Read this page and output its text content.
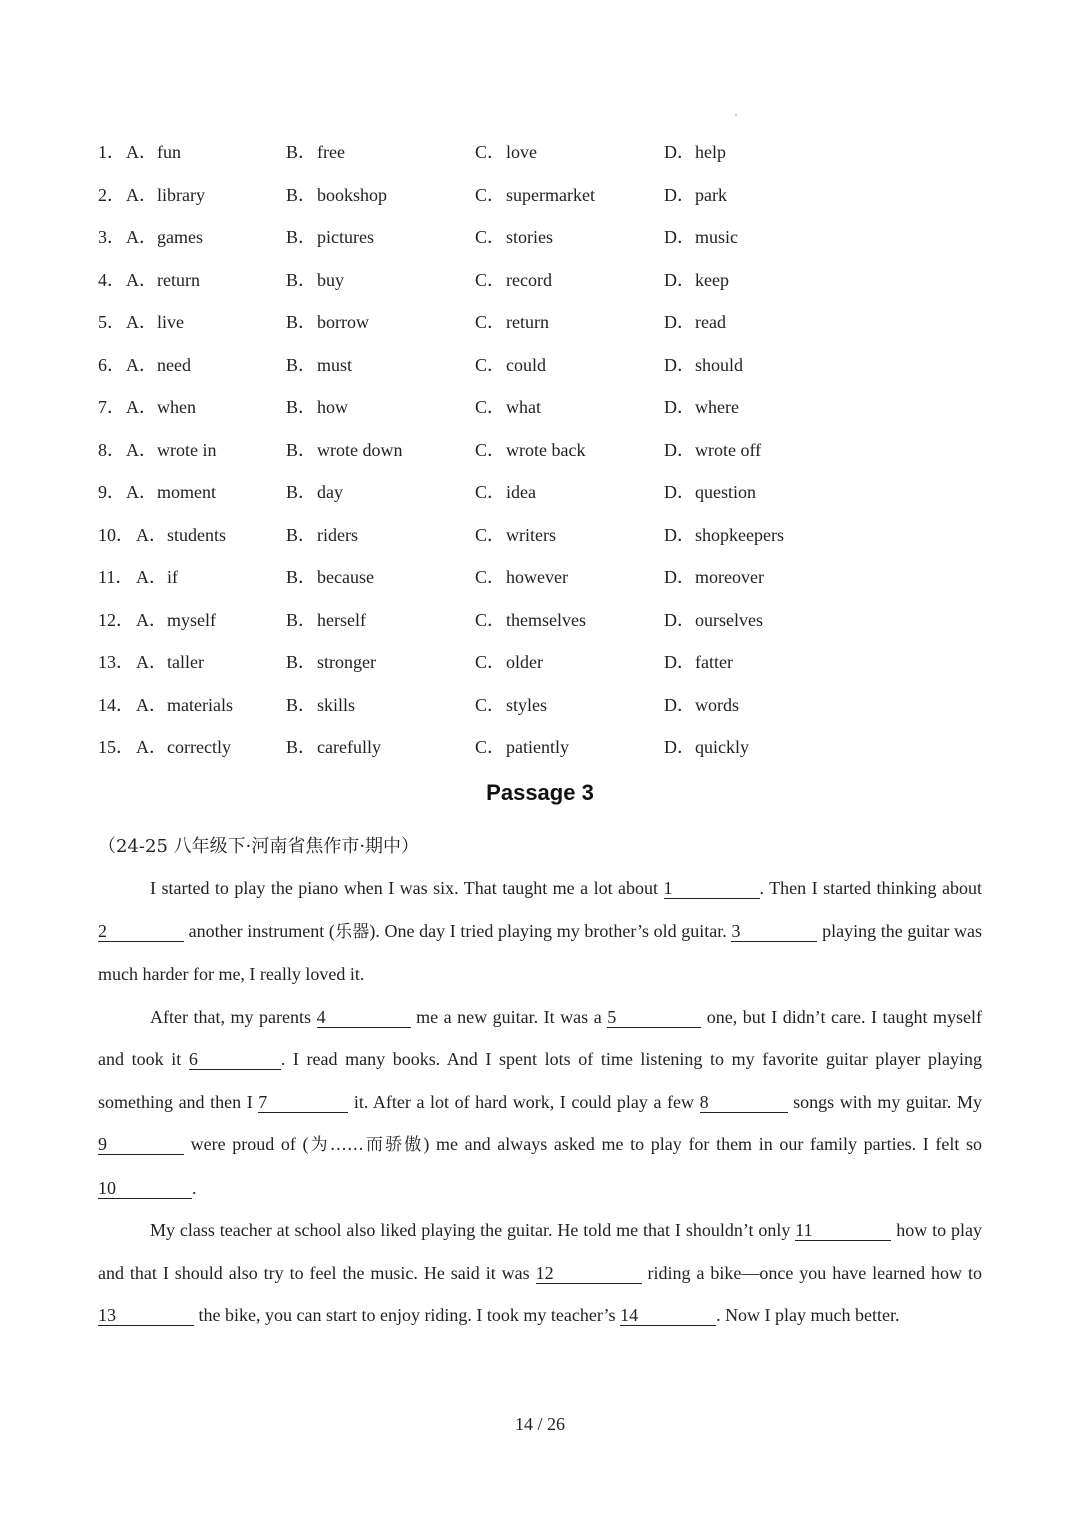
1． A．fun	B．free	C．love	D．help
2． A．library	B．bookshop	C．supermarket	D．park
3． A．games	B．pictures	C．stories	D．music
4． A．return	B．buy	C．record	D．keep
5． A．live	B．borrow	C．return	D．read
6． A．need	B．must	C．could	D．should
7． A．when	B．how	C．what	D．where
8． A．wrote in	B．wrote down	C．wrote back	D．wrote off
9． A．moment	B．day	C．idea	D．question
10． A．students	B．riders	C．writers	D．shopkeepers
11． A．if	B．because	C．however	D．moreover
12． A．myself	B．herself	C．themselves	D．ourselves
13． A．taller	B．stronger	C．older	D．fatter
14． A．materials	B．skills	C．styles	D．words
15． A．correctly	B．carefully	C．patiently	D．quickly
Passage 3
（24-25 八年级下·河南省焦作市·期中）

I started to play the piano when I was six. That taught me a lot about 1	. Then I started thinking about 2	another instrument (乐器). One day I tried playing my brother’s old guitar. 3	playing the guitar was much harder for me, I really loved it.

After that, my parents 4	me a new guitar. It was a 5	one, but I didn’t care. I taught myself and took it 6	. I read many books. And I spent lots of time listening to my favorite guitar player playing something and then I 7	it. After a lot of hard work, I could play a few 8	songs with my guitar. My 9	were proud of (为……而骄傲) me and always asked me to play for them in our family parties. I felt so 10	.

My class teacher at school also liked playing the guitar. He told me that I shouldn’t only 11	how to play and that I should also try to feel the music. He said it was 12	riding a bike—once you have learned how to 13	the bike, you can start to enjoy riding. I took my teacher’s 14	. Now I play much better.

14 / 26
